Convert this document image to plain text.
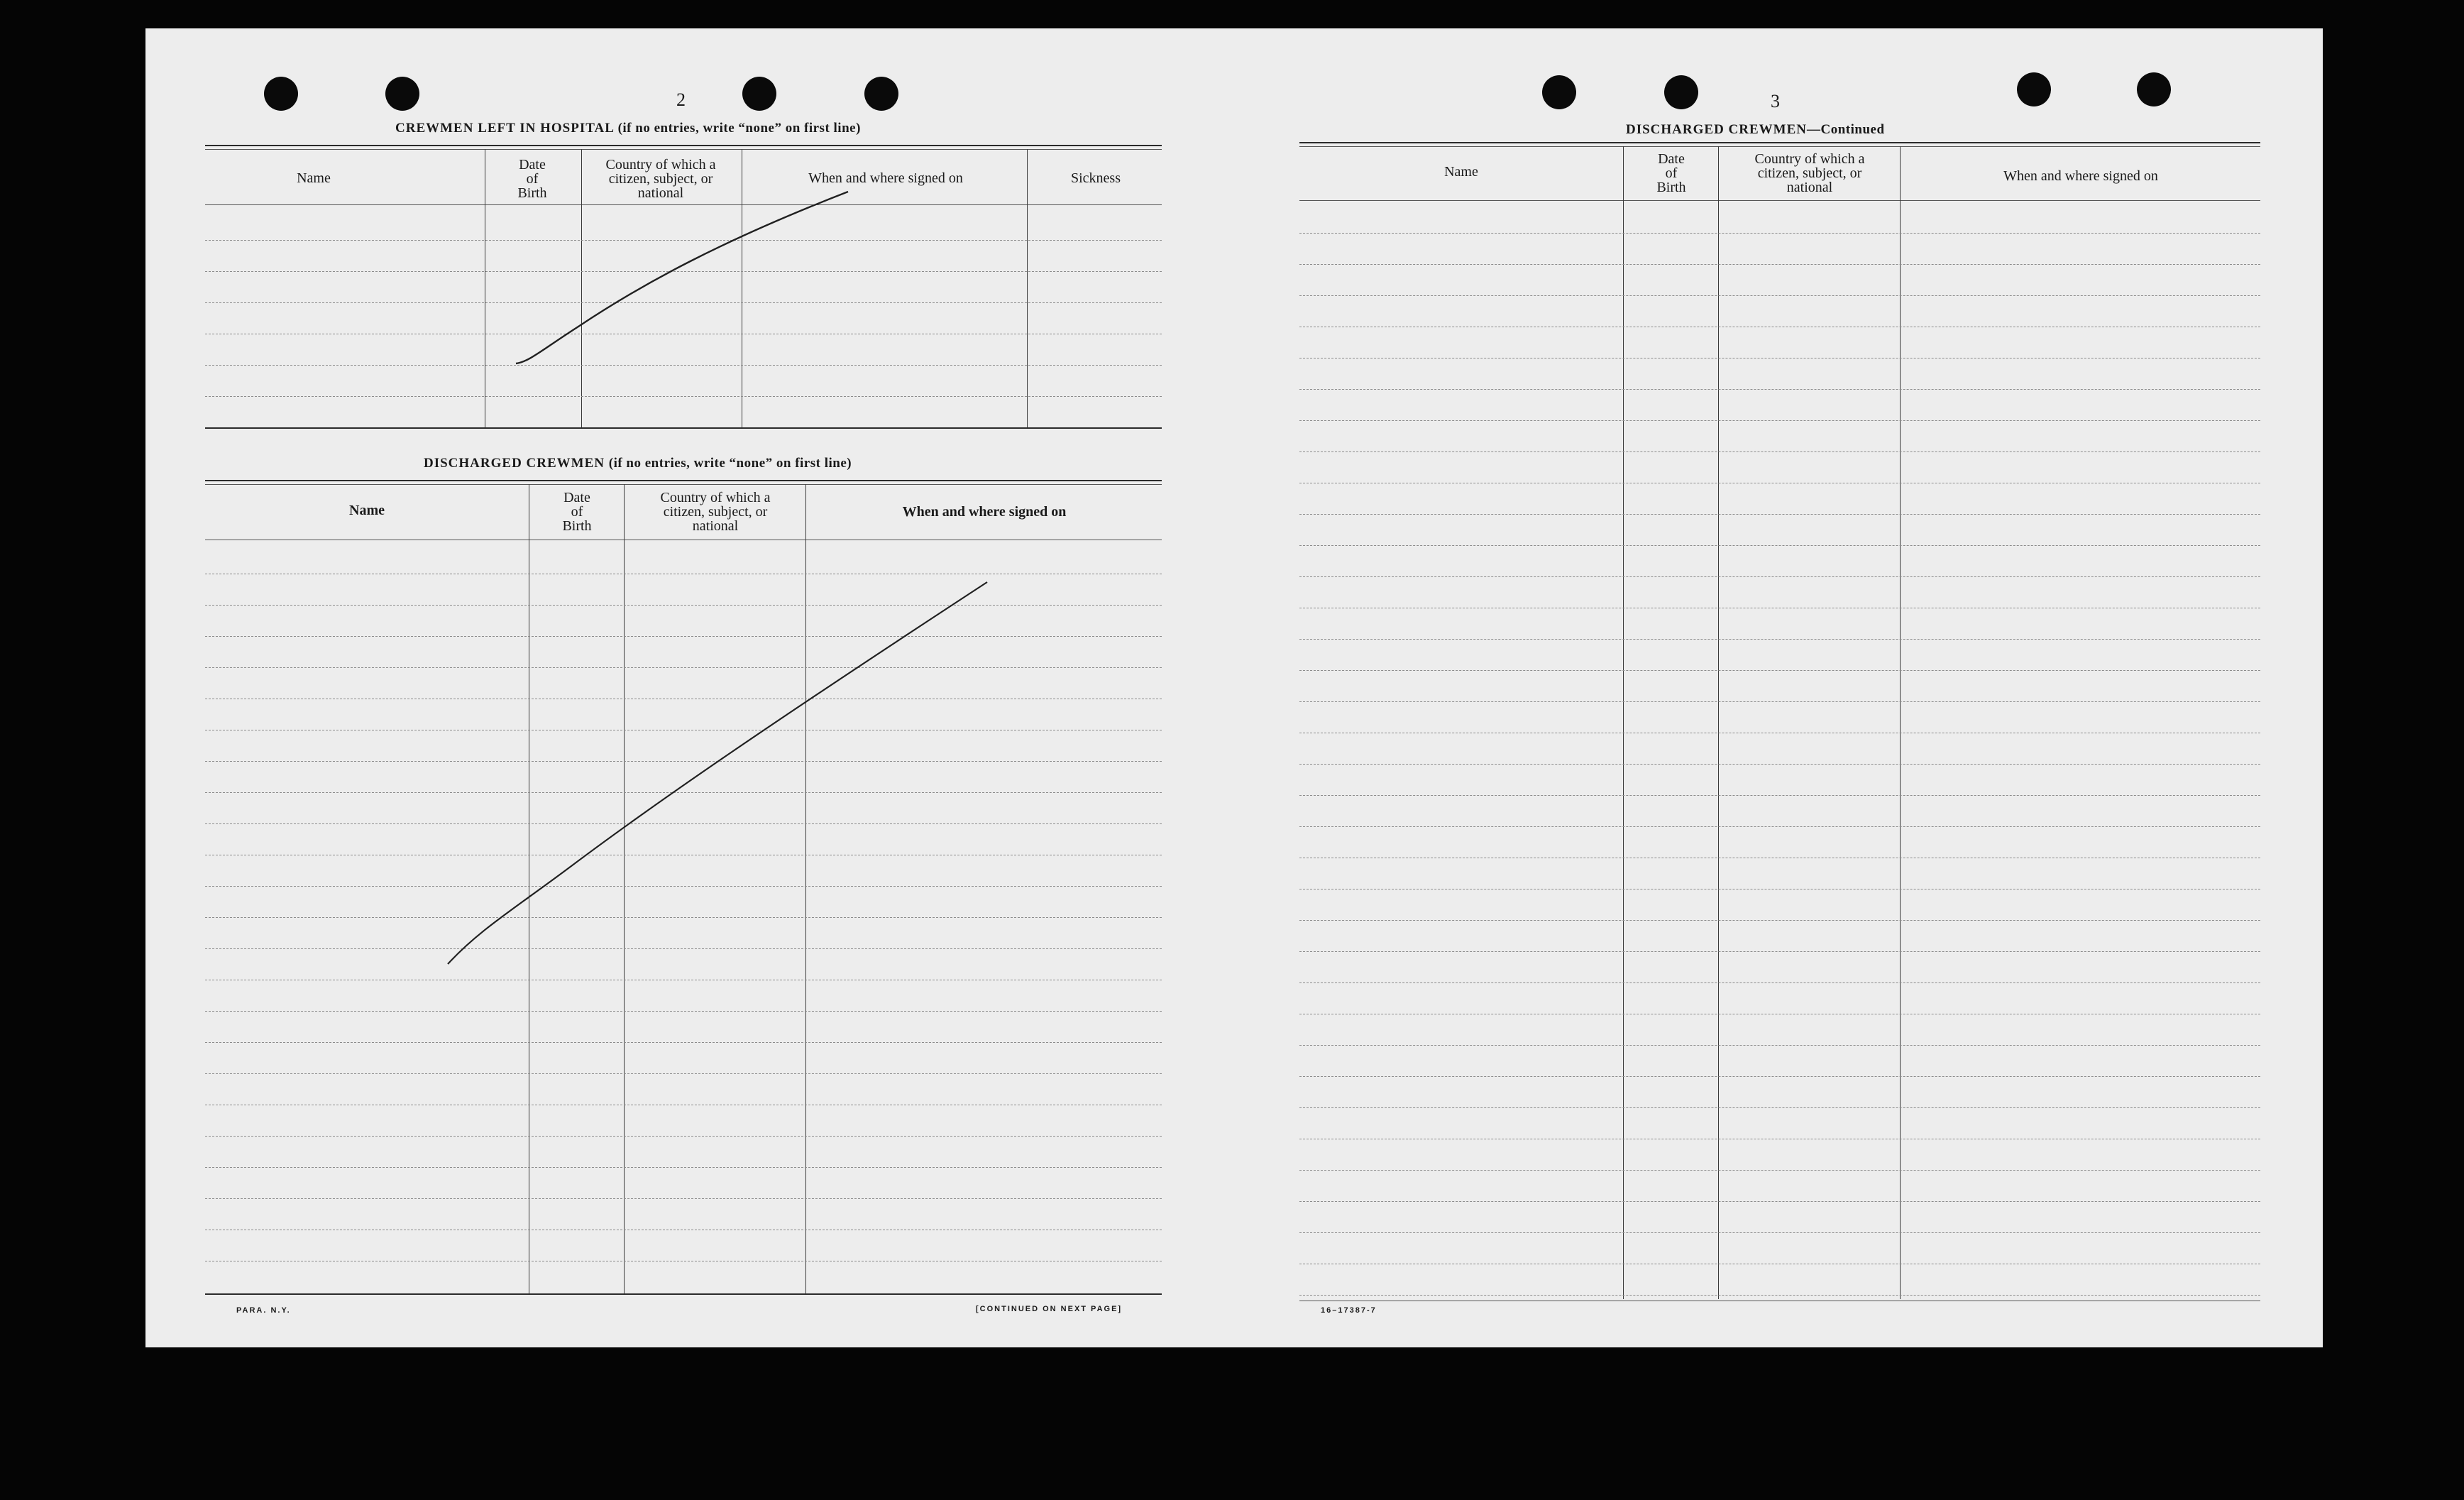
2
CREWMEN LEFT IN HOSPITAL (if no entries, write “none” on first line)
Name
Date
of
Birth
Country of which a
citizen, subject, or
national
When and where signed on	Sickness
DISCHARGED CREWMEN (if no entries, write “none” on first line)
Name
Date
of
Birth
Country of which a
citizen, subject, or
national
When and where signed on
PARA. N.Y.	[CONTINUED ON NEXT PAGE]
3
DISCHARGED CREWMEN—Continued
Name
Date
of
Birth
Country of which a
citizen, subject, or
national
When and where signed on
16–17387-7
